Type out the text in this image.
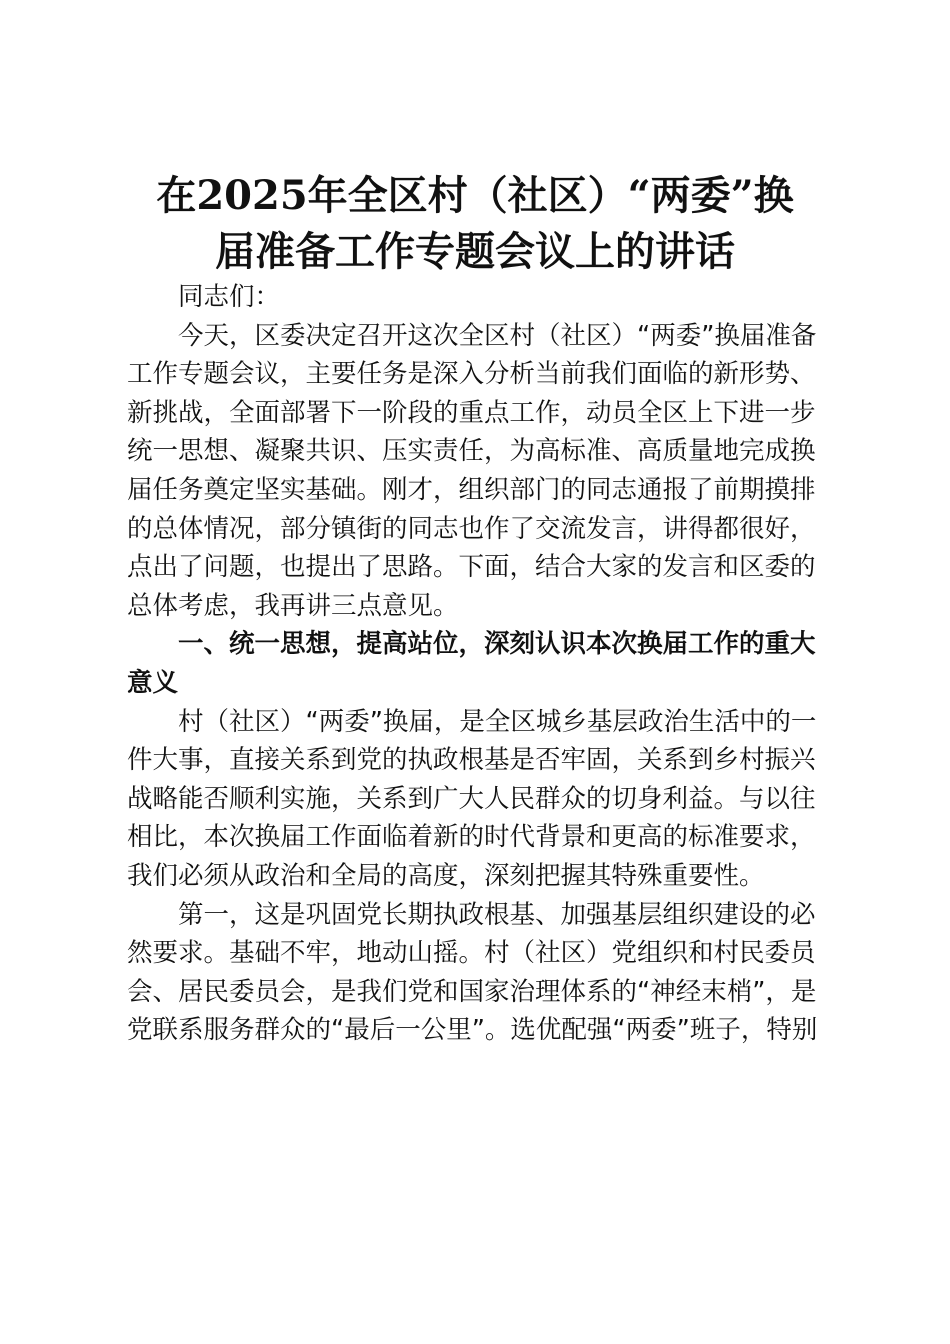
在2025年全区村（社区）“两委”换
届准备工作专题会议上的讲话

同志们：

今天，区委决定召开这次全区村（社区）“两委”换届准备
工作专题会议，主要任务是深入分析当前我们面临的新形势、
新挑战，全面部署下一阶段的重点工作，动员全区上下进一步
统一思想、凝聚共识、压实责任，为高标准、高质量地完成换
届任务奠定坚实基础。刚才，组织部门的同志通报了前期摸排
的总体情况，部分镇街的同志也作了交流发言，讲得都很好，
点出了问题，也提出了思路。下面，结合大家的发言和区委的
总体考虑，我再讲三点意见。

一、统一思想，提高站位，深刻认识本次换届工作的重大
意义

村（社区）“两委”换届，是全区城乡基层政治生活中的一
件大事，直接关系到党的执政根基是否牢固，关系到乡村振兴
战略能否顺利实施，关系到广大人民群众的切身利益。与以往
相比，本次换届工作面临着新的时代背景和更高的标准要求，
我们必须从政治和全局的高度，深刻把握其特殊重要性。

第一，这是巩固党长期执政根基、加强基层组织建设的必
然要求。基础不牢，地动山摇。村（社区）党组织和村民委员
会、居民委员会，是我们党和国家治理体系的“神经末梢”，是
党联系服务群众的“最后一公里”。选优配强“两委”班子，特别
